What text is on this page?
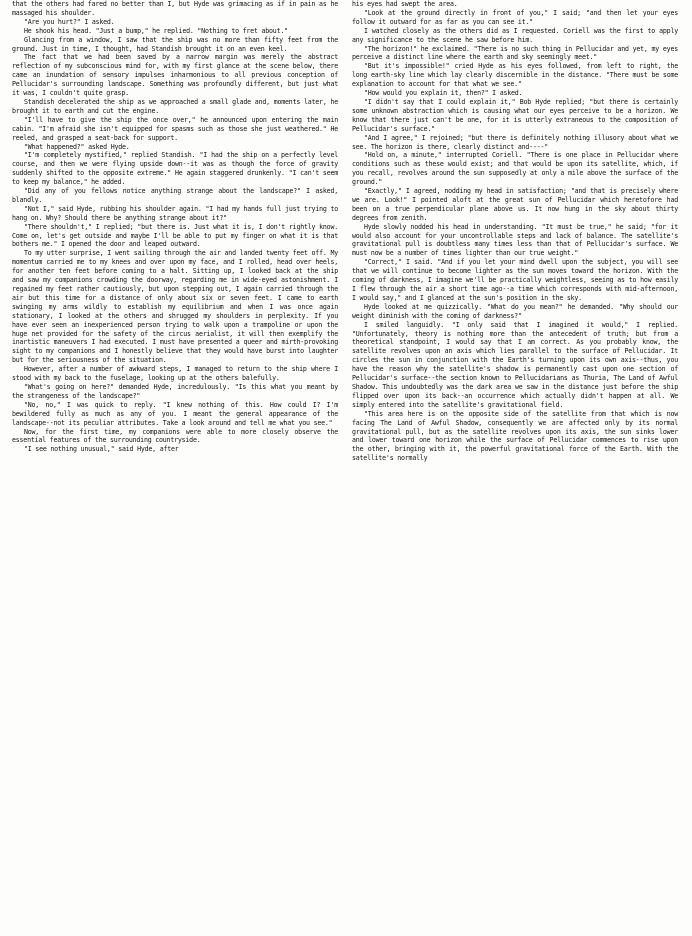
that the others had fared no better than I, but Hyde was grimacing as if in pain as he massaged his shoulder.

"Are you hurt?" I asked.

He shook his head. "Just a bump," he replied. "Nothing to fret about."

Glancing from a window, I saw that the ship was no more than fifty feet from the ground. Just in time, I thought, had Standish brought it on an even keel.

The fact that we had been saved by a narrow margin was merely the abstract reflection of my subconscious mind for, with my first glance at the scene below, there came an inundation of sensory impulses inharmonious to all previous conception of Pellucidar's surrounding landscape. Something was profoundly different, but just what it was, I couldn't quite grasp.

Standish decelerated the ship as we approached a small glade and, moments later, he brought it to earth and cut the engine.

"I'll have to give the ship the once over," he announced upon entering the main cabin. "I'm afraid she isn't equipped for spasms such as those she just weathered." He reeled, and grasped a seat-back for support.

"What happened?" asked Hyde.

"I'm completely mystified," replied Standish. "I had the ship on a perfectly level course, and then we were flying upside down--it was as though the force of gravity suddenly shifted to the opposite extreme." He again staggered drunkenly. "I can't seem to keep my balance," he added.

"Did any of you fellows notice anything strange about the landscape?" I asked, blandly.

"Not I," said Hyde, rubbing his shoulder again. "I had my hands full just trying to hang on. Why? Should there be anything strange about it?"

"There shouldn't," I replied; "but there is. Just what it is, I don't rightly know. Come on, let's get outside and maybe I'll be able to put my finger on what it is that bothers me." I opened the door and leaped outward.

To my utter surprise, I went sailing through the air and landed twenty feet off. My momentum carried me to my knees and over upon my face, and I rolled, head over heels, for another ten feet before coming to a halt. Sitting up, I looked back at the ship and saw my companions crowding the doorway, regarding me in wide-eyed astonishment. I regained my feet rather cautiously, but upon stepping out, I again carried through the air but this time for a distance of only about six or seven feet. I came to earth swinging my arms wildly to establish my equilibrium and when I was once again stationary, I looked at the others and shrugged my shoulders in perplexity. If you have ever seen an inexperienced person trying to walk upon a trampoline or upon the huge net provided for the safety of the circus aerialist, it will then exemplify the inartistic maneuvers I had executed. I must have presented a queer and mirth-provoking sight to my companions and I honestly believe that they would have burst into laughter but for the seriousness of the situation.

However, after a number of awkward steps, I managed to return to the ship where I stood with my back to the fuselage, looking up at the others balefully.

"What's going on here?" demanded Hyde, incredulously. "Is this what you meant by the strangeness of the landscape?"

"No, no," I was quick to reply. "I knew nothing of this. How could I? I'm bewildered fully as much as any of you. I meant the general appearance of the landscape--not its peculiar attributes. Take a look around and tell me what you see."

Now, for the first time, my companions were able to more closely observe the essential features of the surrounding countryside.

"I see nothing unusual," said Hyde, after

his eyes had swept the area.

"Look at the ground directly in front of you," I said; "and then let your eyes follow it outward for as far as you can see it."

I watched closely as the others did as I requested. Coriell was the first to apply any significance to the scene he saw before him.

"The horizon!" he exclaimed. "There is no such thing in Pellucidar and yet, my eyes perceive a distinct line where the earth and sky seemingly meet."

"But it's impossible!" cried Hyde as his eyes followed, from left to right, the long earth-sky line which lay clearly discernible in the distance. "There must be some explanation to account for that what we see."

"How would you explain it, then?" I asked.

"I didn't say that I could explain it," Bob Hyde replied; "but there is certainly some unknown abstraction which is causing what our eyes perceive to be a horizon. We know that there just can't be one, for it is utterly extraneous to the composition of Pellucidar's surface."

"And I agree," I rejoined; "but there is definitely nothing illusory about what we see. The horizon is there, clearly distinct and----"

"Hold on, a minute," interrupted Coriell. "There is one place in Pellucidar where conditions such as these would exist; and that would be upon its satellite, which, if you recall, revolves around the sun supposedly at only a mile above the surface of the ground."

"Exactly," I agreed, nodding my head in satisfaction; "and that is precisely where we are. Look!" I pointed aloft at the great sun of Pellucidar which heretofore had been on a true perpendicular plane above us. It now hung in the sky about thirty degrees from zenith.

Hyde slowly nodded his head in understanding. "It must be true," he said; "for it would also account for your uncontrollable steps and lack of balance. The satellite's gravitational pull is doubtless many times less than that of Pellucidar's surface. We must now be a number of times lighter than our true weight."

"Correct," I said. "And if you let your mind dwell upon the subject, you will see that we will continue to become lighter as the sun moves toward the horizon. With the coming of darkness, I imagine we'll be practically weightless, seeing as to how easily I flew through the air a short time ago--a time which corresponds with mid-afternoon, I would say," and I glanced at the sun's position in the sky.

Hyde looked at me quizzically. "What do you mean?" he demanded. "Why should our weight diminish with the coming of darkness?"

I smiled languidly. "I only said that I imagined it would," I replied. "Unfortunately, theory is nothing more than the antecedent of truth; but from a theoretical standpoint, I would say that I am correct. As you probably know, the satellite revolves upon an axis which lies parallel to the surface of Pellucidar. It circles the sun in conjunction with the Earth's turning upon its own axis--thus, you have the reason why the satellite's shadow is permanently cast upon one section of Pellucidar's surface--the section known to Pellucidarians as Thuria, The Land of Awful Shadow. This undoubtedly was the dark area we saw in the distance just before the ship flipped over upon its back--an occurrence which actually didn't happen at all. We simply entered into the satellite's gravitational field.

"This area here is on the opposite side of the satellite from that which is now facing The Land of Awful Shadow, consequently we are affected only by its normal gravitational pull, but as the satellite revolves upon its axis, the sun sinks lower and lower toward one horizon while the surface of Pellucidar commences to rise upon the other, bringing with it, the powerful gravitational force of the Earth. With the satellite's normally
